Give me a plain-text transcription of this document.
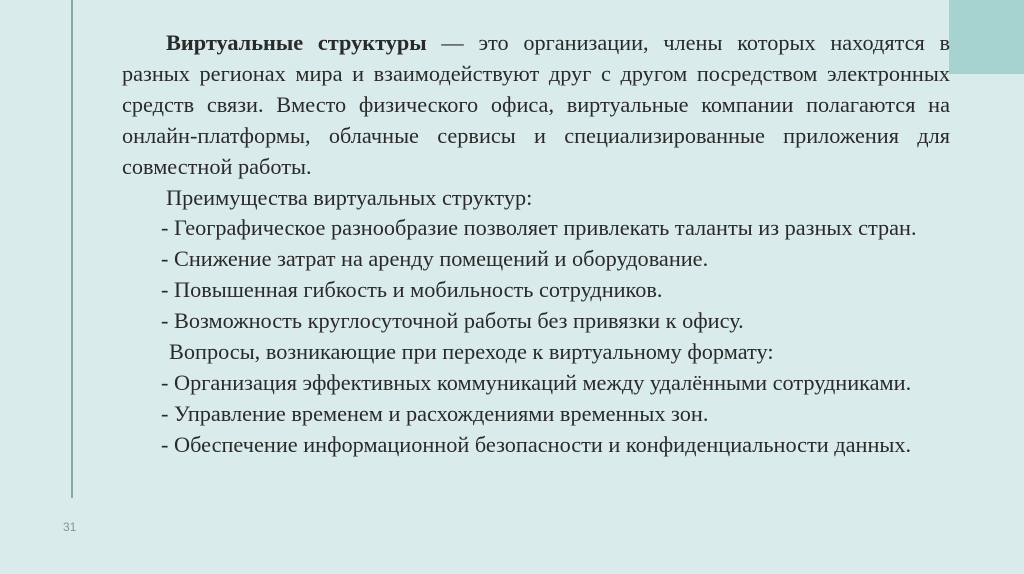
31

Виртуальные структуры — это организации, члены которых находятся в разных регионах мира и взаимодействуют друг с другом посредством электронных средств связи. Вместо физического офиса, виртуальные компании полагаются на онлайн-платформы, облачные сервисы и специализированные приложения для совместной работы.

Преимущества виртуальных структур:

- Географическое разнообразие позволяет привлекать таланты из разных стран.

- Снижение затрат на аренду помещений и оборудование.

- Повышенная гибкость и мобильность сотрудников.

- Возможность круглосуточной работы без привязки к офису.

Вопросы, возникающие при переходе к виртуальному формату:

- Организация эффективных коммуникаций между удалёнными сотрудниками.

- Управление временем и расхождениями временных зон.

- Обеспечение информационной безопасности и конфиденциальности данных.
